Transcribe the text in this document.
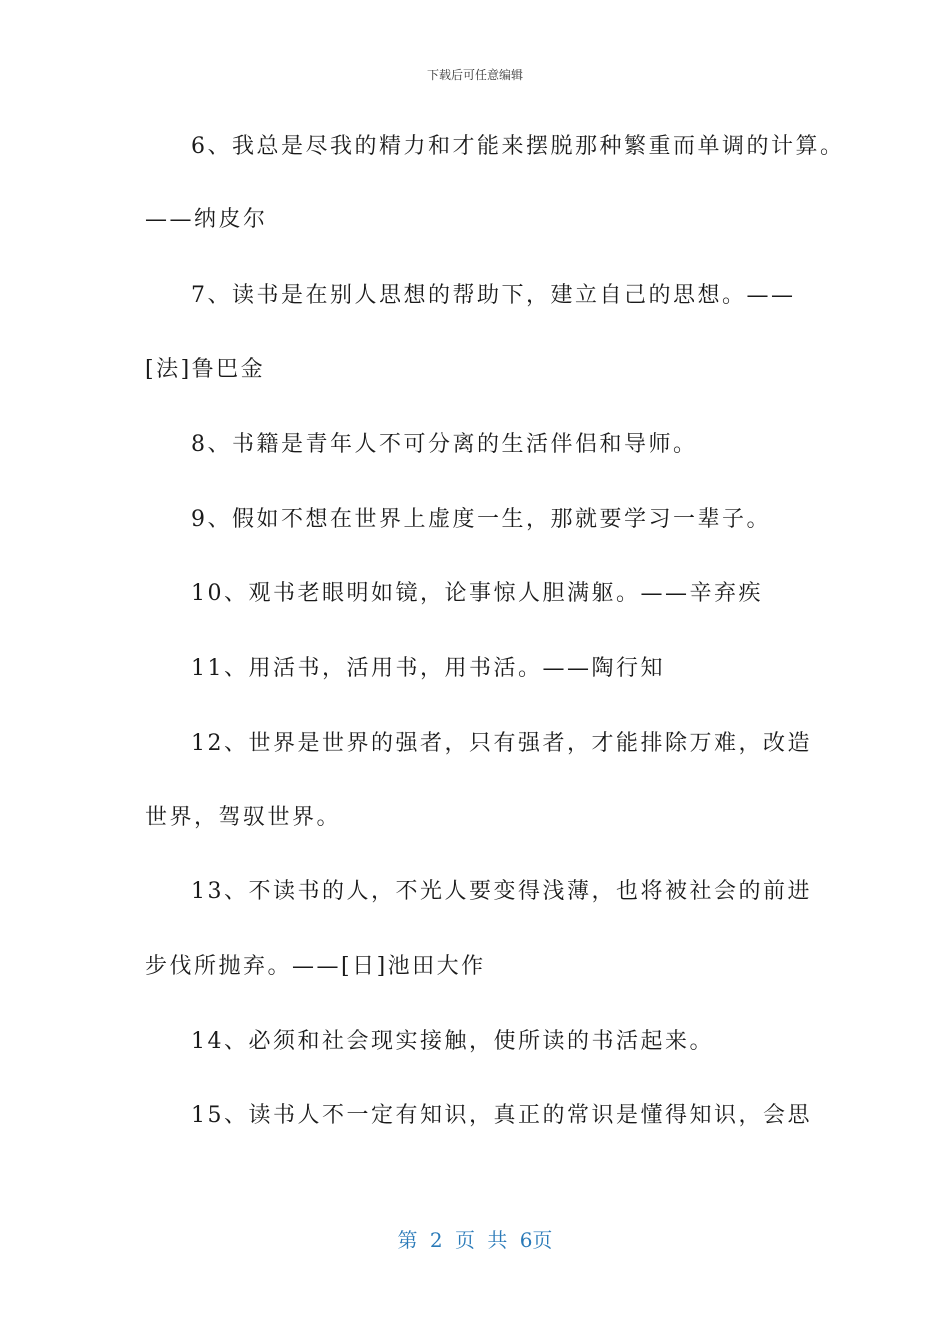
下载后可任意编辑
6、我总是尽我的精力和才能来摆脱那种繁重而单调的计算。
——纳皮尔
7、读书是在别人思想的帮助下，建立自己的思想。——
[法]鲁巴金
8、书籍是青年人不可分离的生活伴侣和导师。
9、假如不想在世界上虚度一生，那就要学习一辈子。
10、观书老眼明如镜，论事惊人胆满躯。——辛弃疾
11、用活书，活用书，用书活。——陶行知
12、世界是世界的强者，只有强者，才能排除万难，改造
世界，驾驭世界。
13、不读书的人，不光人要变得浅薄，也将被社会的前进
步伐所抛弃。——[日]池田大作
14、必须和社会现实接触，使所读的书活起来。
15、读书人不一定有知识，真正的常识是懂得知识，会思
第 2 页 共 6页
